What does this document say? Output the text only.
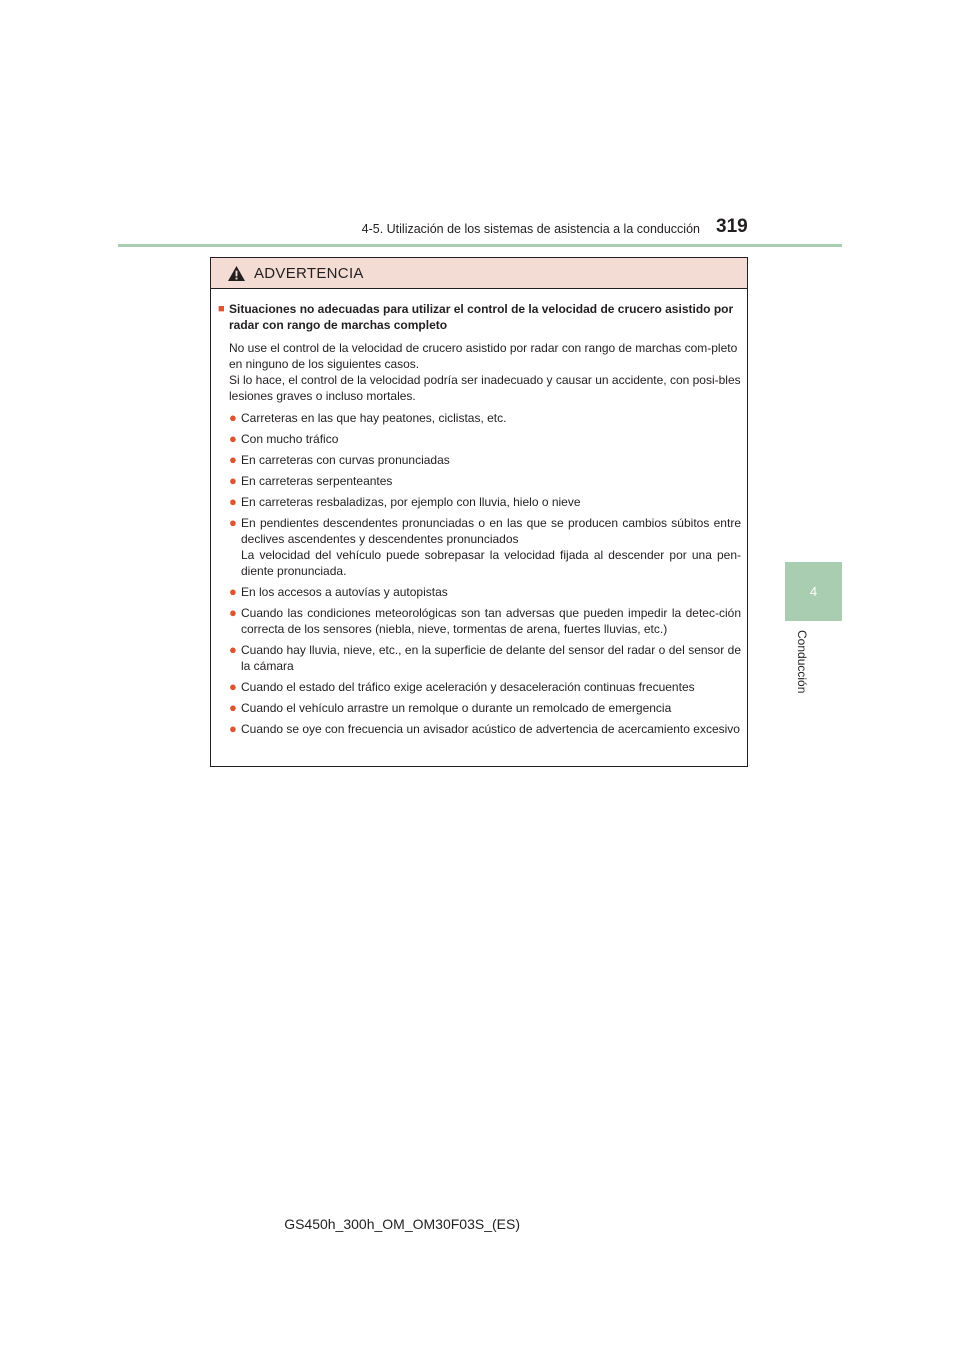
4-5. Utilización de los sistemas de asistencia a la conducción 319
4
Conducción
ADVERTENCIA
■ Situaciones no adecuadas para utilizar el control de la velocidad de crucero asistido por radar con rango de marchas completo
No use el control de la velocidad de crucero asistido por radar con rango de marchas com-pleto en ninguno de los siguientes casos.
Si lo hace, el control de la velocidad podría ser inadecuado y causar un accidente, con posi-bles lesiones graves o incluso mortales.
● Carreteras en las que hay peatones, ciclistas, etc.
● Con mucho tráfico
● En carreteras con curvas pronunciadas
● En carreteras serpenteantes
● En carreteras resbaladizas, por ejemplo con lluvia, hielo o nieve
● En pendientes descendentes pronunciadas o en las que se producen cambios súbitos entre declives ascendentes y descendentes pronunciados
La velocidad del vehículo puede sobrepasar la velocidad fijada al descender por una pen-diente pronunciada.
● En los accesos a autovías y autopistas
● Cuando las condiciones meteorológicas son tan adversas que pueden impedir la detec-ción correcta de los sensores (niebla, nieve, tormentas de arena, fuertes lluvias, etc.)
● Cuando hay lluvia, nieve, etc., en la superficie de delante del sensor del radar o del sensor de la cámara
● Cuando el estado del tráfico exige aceleración y desaceleración continuas frecuentes
● Cuando el vehículo arrastre un remolque o durante un remolcado de emergencia
● Cuando se oye con frecuencia un avisador acústico de advertencia de acercamiento excesivo
GS450h_300h_OM_OM30F03S_(ES)
